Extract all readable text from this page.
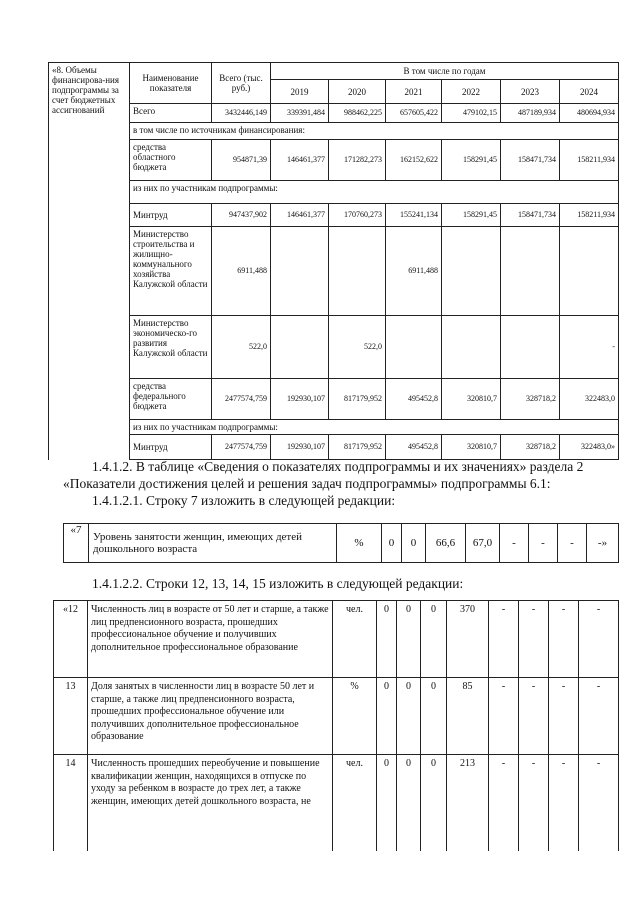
«8. Объемы финансирова-ния подпрограммы за счет бюджетных ассигнований	Наименование показателя	Всего (тыс. руб.)	В том числе по годам					
			2019	2020	2021	2022	2023	2024
	Всего	3432446,149	339391,484	988462,225	657605,422	479102,15	487189,934	480694,934
	в том числе по источникам финансирования:							
	средства областного бюджета	954871,39	146461,377	171282,273	162152,622	158291,45	158471,734	158211,934
	из них по участникам подпрограммы:							
	Минтруд	947437,902	146461,377	170760,273	155241,134	158291,45	158471,734	158211,934
	Министерство строительства и жилищно-коммунального хозяйства Калужской области	6911,488			6911,488			
	Министерство экономическо-го развития Калужской области	522,0		522,0				-
	средства федерального бюджета	2477574,759	192930,107	817179,952	495452,8	320810,7	328718,2	322483,0
	из них по участникам подпрограммы:							
	Минтруд	2477574,759	192930,107	817179,952	495452,8	320810,7	328718,2	322483,0»
1.4.1.2. В таблице «Сведения о показателях подпрограммы и их значениях» раздела 2
«Показатели достижения целей и решения задач подпрограммы» подпрограммы 6.1:
1.4.1.2.1. Строку 7 изложить в следующей редакции:
«7	Уровень занятости женщин, имеющих детей дошкольного возраста	%	0	0	66,6	67,0	-	-	-	-»
1.4.1.2.2. Строки 12, 13, 14, 15 изложить в следующей редакции:
«12	Численность лиц в возрасте от 50 лет и старше, а также лиц предпенсионного возраста, прошедших профессиональное обучение и получивших дополнительное профессиональное образование	чел.	0	0	0	370	-	-	-	-
13	Доля занятых в численности лиц в возрасте 50 лет и старше, а также лиц предпенсионного возраста, прошедших профессиональное обучение или получивших дополнительное профессиональное образование	%	0	0	0	85	-	-	-	-
14	Численность прошедших переобучение и повышение квалификации женщин, находящихся в отпуске по уходу за ребенком в возрасте до трех лет, а также женщин, имеющих детей дошкольного возраста, не	чел.	0	0	0	213	-	-	-	-
